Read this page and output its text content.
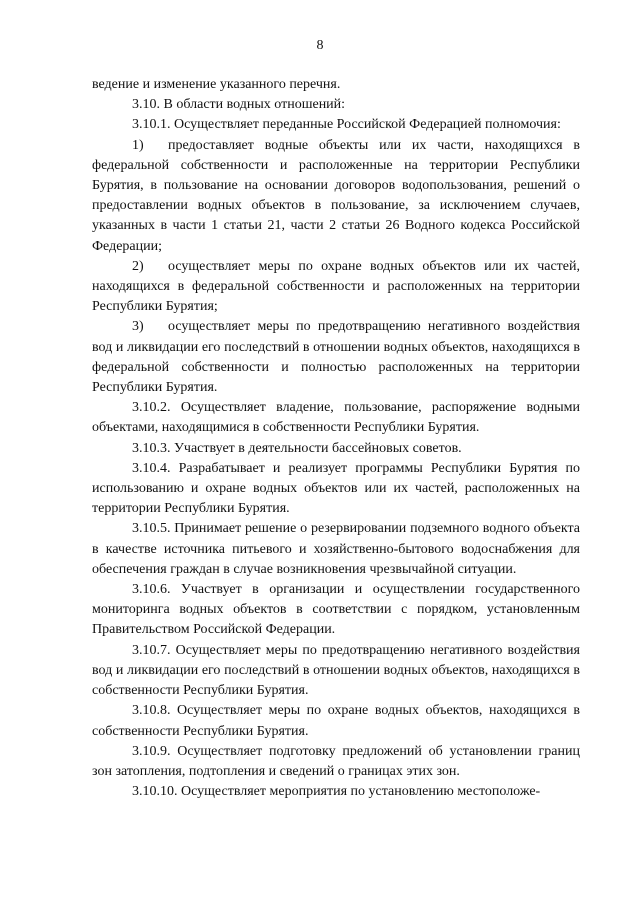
8

ведение и изменение указанного перечня.

3.10. В области водных отношений:

3.10.1. Осуществляет переданные Российской Федерацией полномочия:

1) предоставляет водные объекты или их части, находящихся в федеральной собственности и расположенные на территории Республики Бурятия, в пользование на основании договоров водопользования, решений о предоставлении водных объектов в пользование, за исключением случаев, указанных в части 1 статьи 21, части 2 статьи 26 Водного кодекса Российской Федерации;

2) осуществляет меры по охране водных объектов или их частей, находящихся в федеральной собственности и расположенных на территории Республики Бурятия;

3) осуществляет меры по предотвращению негативного воздействия вод и ликвидации его последствий в отношении водных объектов, находящихся в федеральной собственности и полностью расположенных на территории Республики Бурятия.

3.10.2. Осуществляет владение, пользование, распоряжение водными объектами, находящимися в собственности Республики Бурятия.

3.10.3. Участвует в деятельности бассейновых советов.

3.10.4. Разрабатывает и реализует программы Республики Бурятия по использованию и охране водных объектов или их частей, расположенных на территории Республики Бурятия.

3.10.5. Принимает решение о резервировании подземного водного объекта в качестве источника питьевого и хозяйственно-бытового водоснабжения для обеспечения граждан в случае возникновения чрезвычайной ситуации.

3.10.6. Участвует в организации и осуществлении государственного мониторинга водных объектов в соответствии с порядком, установленным Правительством Российской Федерации.

3.10.7. Осуществляет меры по предотвращению негативного воздействия вод и ликвидации его последствий в отношении водных объектов, находящихся в собственности Республики Бурятия.

3.10.8. Осуществляет меры по охране водных объектов, находящихся в собственности Республики Бурятия.

3.10.9. Осуществляет подготовку предложений об установлении границ зон затопления, подтопления и сведений о границах этих зон.

3.10.10. Осуществляет мероприятия по установлению местоположе-
